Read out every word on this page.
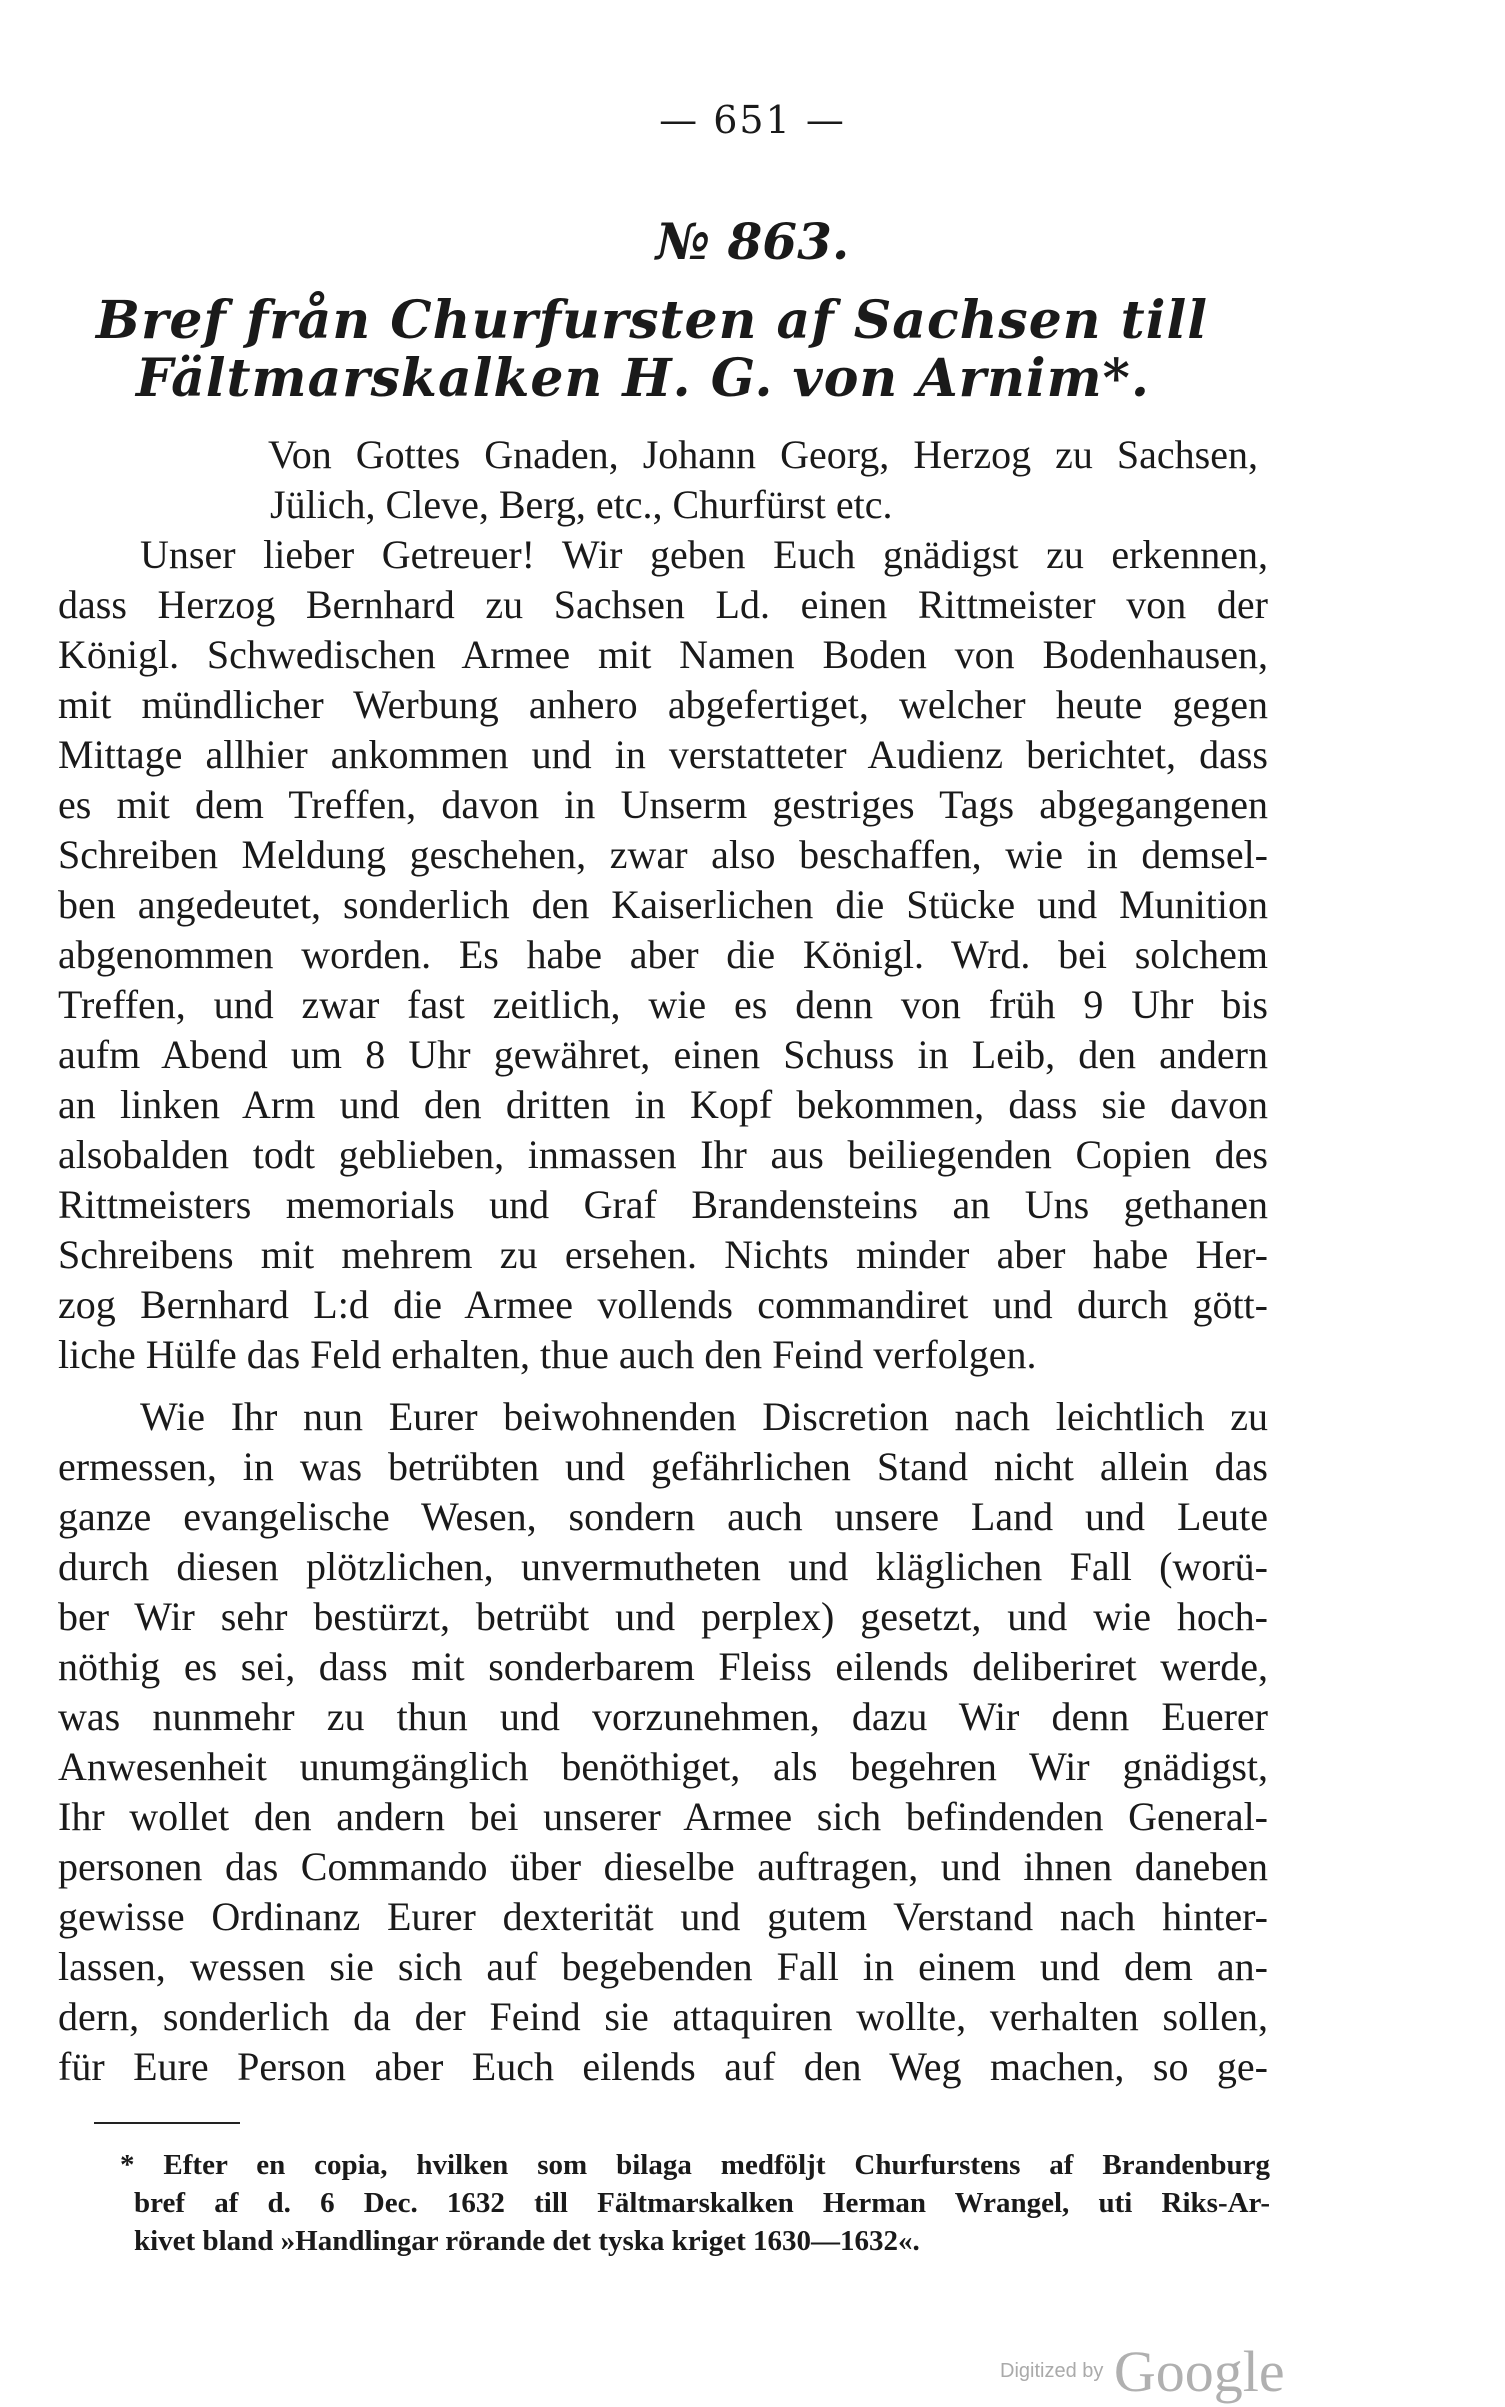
— 651 —
№ 863.
Bref från Churfursten af Sachsen till
Fältmarskalken H. G. von Arnim*.
Von Gottes Gnaden, Johann Georg, Herzog zu Sachsen,
Jülich, Cleve, Berg, etc., Churfürst etc.
Unser lieber Getreuer! Wir geben Euch gnädigst zu erkennen,
dass Herzog Bernhard zu Sachsen Ld. einen Rittmeister von der
Königl. Schwedischen Armee mit Namen Boden von Bodenhausen,
mit mündlicher Werbung anhero abgefertiget, welcher heute gegen
Mittage allhier ankommen und in verstatteter Audienz berichtet, dass
es mit dem Treffen, davon in Unserm gestriges Tags abgegangenen
Schreiben Meldung geschehen, zwar also beschaffen, wie in demsel-
ben angedeutet, sonderlich den Kaiserlichen die Stücke und Munition
abgenommen worden. Es habe aber die Königl. Wrd. bei solchem
Treffen, und zwar fast zeitlich, wie es denn von früh 9 Uhr bis
aufm Abend um 8 Uhr gewähret, einen Schuss in Leib, den andern
an linken Arm und den dritten in Kopf bekommen, dass sie davon
alsobalden todt geblieben, inmassen Ihr aus beiliegenden Copien des
Rittmeisters memorials und Graf Brandensteins an Uns gethanen
Schreibens mit mehrem zu ersehen. Nichts minder aber habe Her-
zog Bernhard L:d die Armee vollends commandiret und durch gött-
liche Hülfe das Feld erhalten, thue auch den Feind verfolgen.
Wie Ihr nun Eurer beiwohnenden Discretion nach leichtlich zu
ermessen, in was betrübten und gefährlichen Stand nicht allein das
ganze evangelische Wesen, sondern auch unsere Land und Leute
durch diesen plötzlichen, unvermutheten und kläglichen Fall (worü-
ber Wir sehr bestürzt, betrübt und perplex) gesetzt, und wie hoch-
nöthig es sei, dass mit sonderbarem Fleiss eilends deliberiret werde,
was nunmehr zu thun und vorzunehmen, dazu Wir denn Euerer
Anwesenheit unumgänglich benöthiget, als begehren Wir gnädigst,
Ihr wollet den andern bei unserer Armee sich befindenden General-
personen das Commando über dieselbe auftragen, und ihnen daneben
gewisse Ordinanz Eurer dexterität und gutem Verstand nach hinter-
lassen, wessen sie sich auf begebenden Fall in einem und dem an-
dern, sonderlich da der Feind sie attaquiren wollte, verhalten sollen,
für Eure Person aber Euch eilends auf den Weg machen, so ge-
* Efter en copia, hvilken som bilaga medföljt Churfurstens af Brandenburg
bref af d. 6 Dec. 1632 till Fältmarskalken Herman Wrangel, uti Riks-Ar-
kivet bland »Handlingar rörande det tyska kriget 1630—1632«.
Digitized by Google
